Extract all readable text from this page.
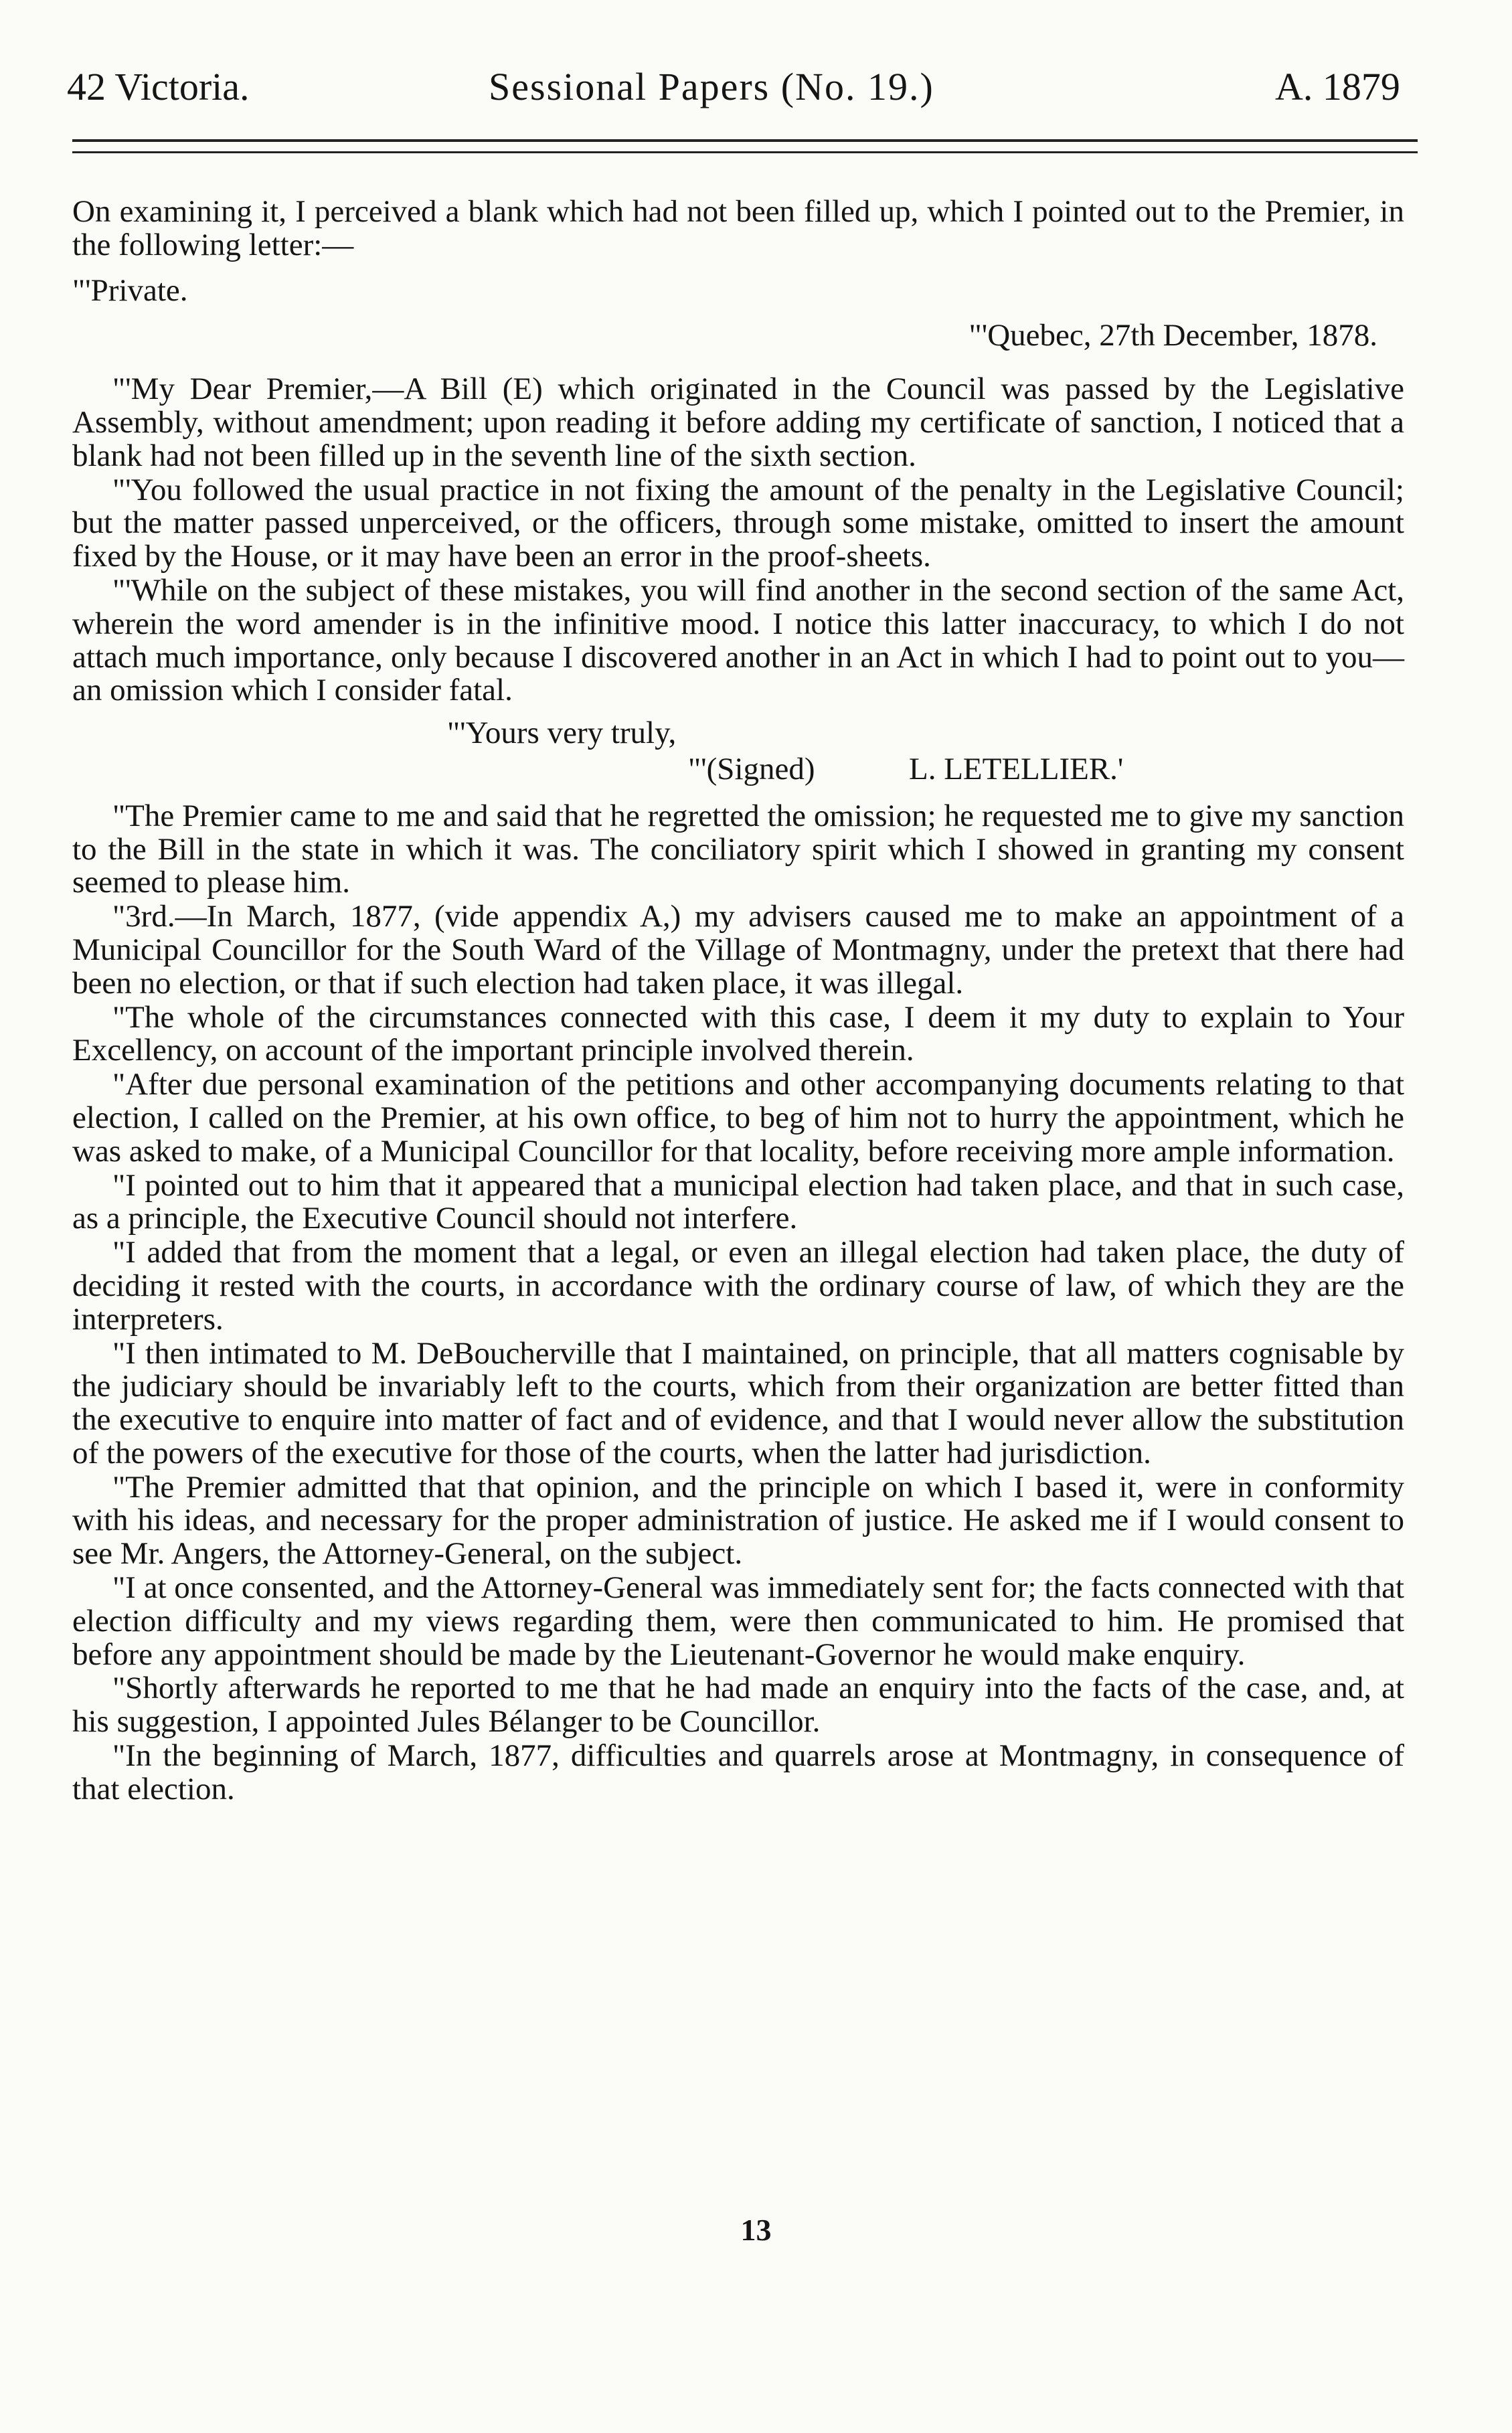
42 Victoria.	Sessional Papers (No. 19.)	A. 1879

On examining it, I perceived a blank which had not been filled up, which I pointed out to the Premier, in the following letter:—

"'Private.

"'Quebec, 27th December, 1878.

"'My Dear Premier,—A Bill (E) which originated in the Council was passed by the Legislative Assembly, without amendment; upon reading it before adding my certificate of sanction, I noticed that a blank had not been filled up in the seventh line of the sixth section.

"'You followed the usual practice in not fixing the amount of the penalty in the Legislative Council; but the matter passed unperceived, or the officers, through some mistake, omitted to insert the amount fixed by the House, or it may have been an error in the proof-sheets.

"'While on the subject of these mistakes, you will find another in the second section of the same Act, wherein the word amender is in the infinitive mood. I notice this latter inaccuracy, to which I do not attach much importance, only because I discovered another in an Act in which I had to point out to you—an omission which I consider fatal.

"'Yours very truly,

"'(Signed)	L. LETELLIER.'

"The Premier came to me and said that he regretted the omission; he requested me to give my sanction to the Bill in the state in which it was. The conciliatory spirit which I showed in granting my consent seemed to please him.

"3rd.—In March, 1877, (vide appendix A,) my advisers caused me to make an appointment of a Municipal Councillor for the South Ward of the Village of Montmagny, under the pretext that there had been no election, or that if such election had taken place, it was illegal.

"The whole of the circumstances connected with this case, I deem it my duty to explain to Your Excellency, on account of the important principle involved therein.

"After due personal examination of the petitions and other accompanying documents relating to that election, I called on the Premier, at his own office, to beg of him not to hurry the appointment, which he was asked to make, of a Municipal Councillor for that locality, before receiving more ample information.

"I pointed out to him that it appeared that a municipal election had taken place, and that in such case, as a principle, the Executive Council should not interfere.

"I added that from the moment that a legal, or even an illegal election had taken place, the duty of deciding it rested with the courts, in accordance with the ordinary course of law, of which they are the interpreters.

"I then intimated to M. DeBoucherville that I maintained, on principle, that all matters cognisable by the judiciary should be invariably left to the courts, which from their organization are better fitted than the executive to enquire into matter of fact and of evidence, and that I would never allow the substitution of the powers of the executive for those of the courts, when the latter had jurisdiction.

"The Premier admitted that that opinion, and the principle on which I based it, were in conformity with his ideas, and necessary for the proper administration of justice. He asked me if I would consent to see Mr. Angers, the Attorney-General, on the subject.

"I at once consented, and the Attorney-General was immediately sent for; the facts connected with that election difficulty and my views regarding them, were then communicated to him. He promised that before any appointment should be made by the Lieutenant-Governor he would make enquiry.

"Shortly afterwards he reported to me that he had made an enquiry into the facts of the case, and, at his suggestion, I appointed Jules Bélanger to be Councillor.

"In the beginning of March, 1877, difficulties and quarrels arose at Montmagny, in consequence of that election.

13
